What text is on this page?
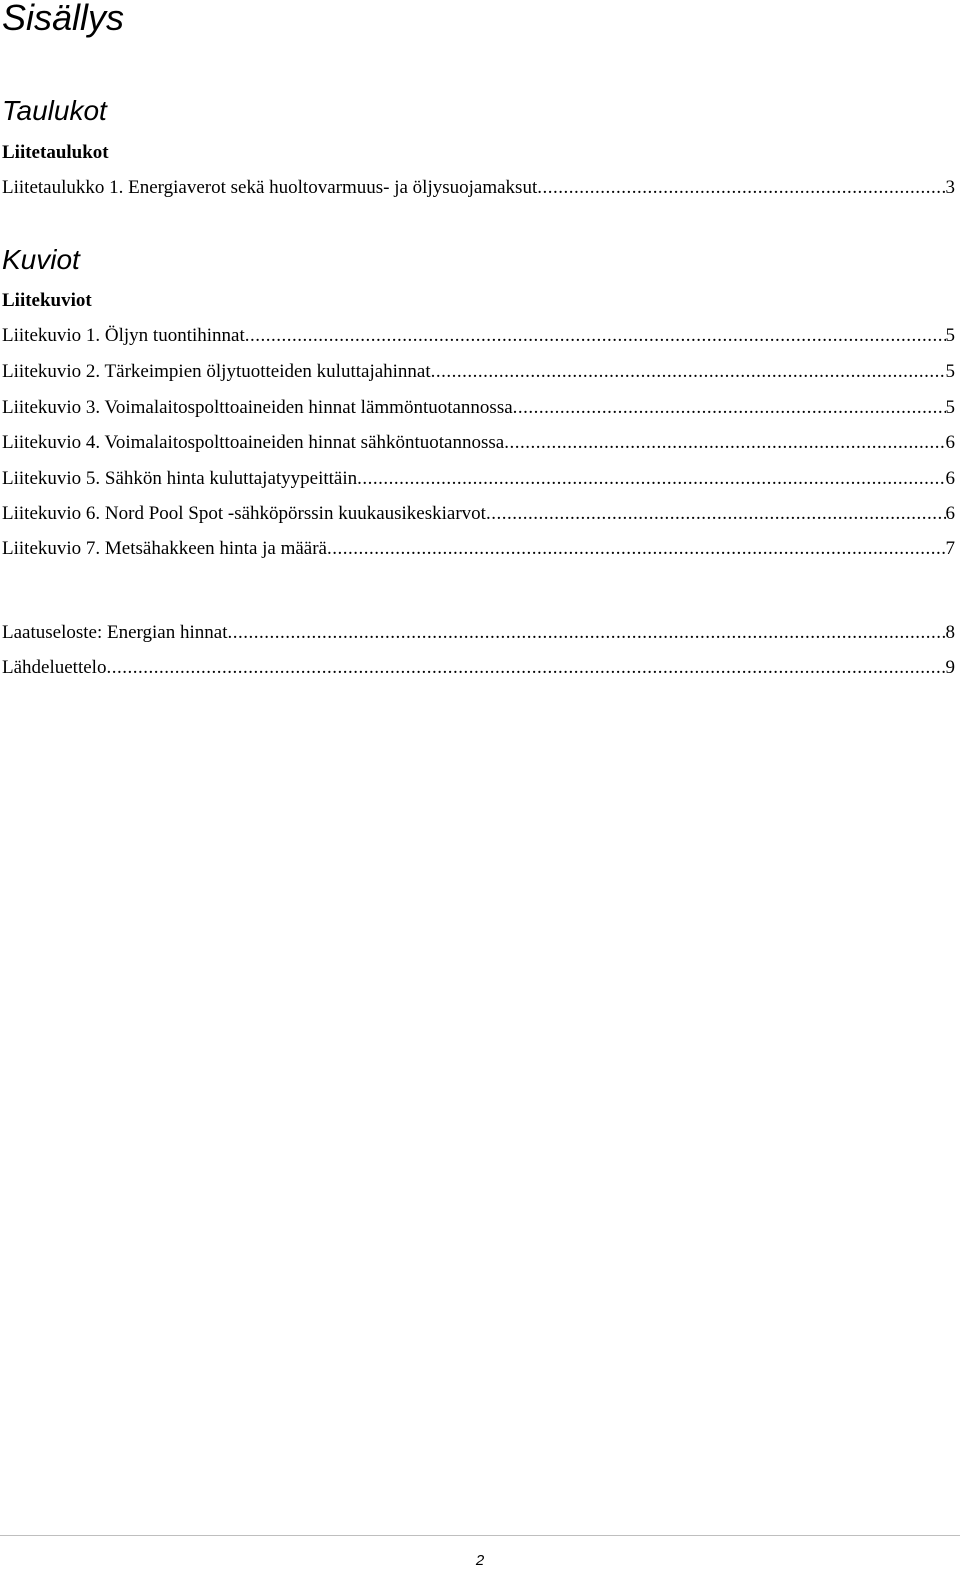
Sisällys
Taulukot
Liitetaulukot
Liitetaulukko 1. Energiaverot sekä huoltovarmuus- ja öljysuojamaksut .....	3
Kuviot
Liitekuviot
Liitekuvio 1. Öljyn tuontihinnat .....	5
Liitekuvio 2. Tärkeimpien öljytuotteiden kuluttajahinnat .....	5
Liitekuvio 3. Voimalaitospolttoaineiden hinnat lämmöntuotannossa .....	5
Liitekuvio 4. Voimalaitospolttoaineiden hinnat sähköntuotannossa .....	6
Liitekuvio 5. Sähkön hinta kuluttajatyypeittäin .....	6
Liitekuvio 6. Nord Pool Spot -sähköpörssin kuukausikeskiarvot .....	6
Liitekuvio 7. Metsähakkeen hinta ja määrä .....	7
Laatuseloste: Energian hinnat .....	8
Lähdeluettelo .....	9
2
